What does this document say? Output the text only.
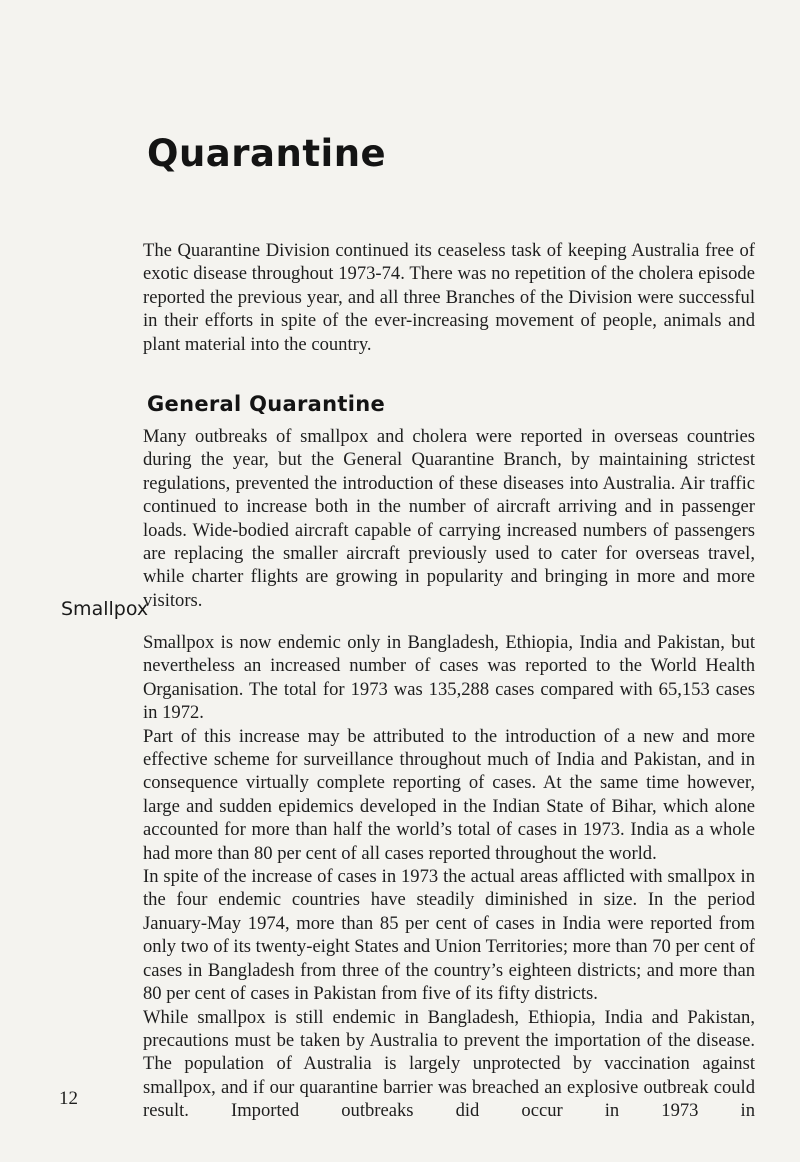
Quarantine

The Quarantine Division continued its ceaseless task of keeping Australia free of exotic disease throughout 1973-74. There was no repetition of the cholera episode reported the previous year, and all three Branches of the Division were successful in their efforts in spite of the ever-increasing movement of people, animals and plant material into the country.

General Quarantine

Many outbreaks of smallpox and cholera were reported in overseas countries during the year, but the General Quarantine Branch, by maintaining strictest regulations, prevented the introduction of these diseases into Australia. Air traffic continued to increase both in the number of aircraft arriving and in passenger loads. Wide-bodied aircraft capable of carrying increased numbers of passengers are replacing the smaller aircraft previously used to cater for overseas travel, while charter flights are growing in popularity and bringing in more and more visitors.

Smallpox

Smallpox is now endemic only in Bangladesh, Ethiopia, India and Pakistan, but nevertheless an increased number of cases was reported to the World Health Organisation. The total for 1973 was 135,288 cases compared with 65,153 cases in 1972.

Part of this increase may be attributed to the introduction of a new and more effective scheme for surveillance throughout much of India and Pakistan, and in consequence virtually complete reporting of cases. At the same time however, large and sudden epidemics developed in the Indian State of Bihar, which alone accounted for more than half the world’s total of cases in 1973. India as a whole had more than 80 per cent of all cases reported throughout the world.

In spite of the increase of cases in 1973 the actual areas afflicted with smallpox in the four endemic countries have steadily diminished in size. In the period January-May 1974, more than 85 per cent of cases in India were reported from only two of its twenty-eight States and Union Territories; more than 70 per cent of cases in Bangladesh from three of the country’s eighteen districts; and more than 80 per cent of cases in Pakistan from five of its fifty districts.

While smallpox is still endemic in Bangladesh, Ethiopia, India and Pakistan, precautions must be taken by Australia to prevent the importation of the disease. The population of Australia is largely unprotected by vaccination against smallpox, and if our quarantine barrier was breached an explosive outbreak could result. Imported outbreaks did occur in 1973 in

12
